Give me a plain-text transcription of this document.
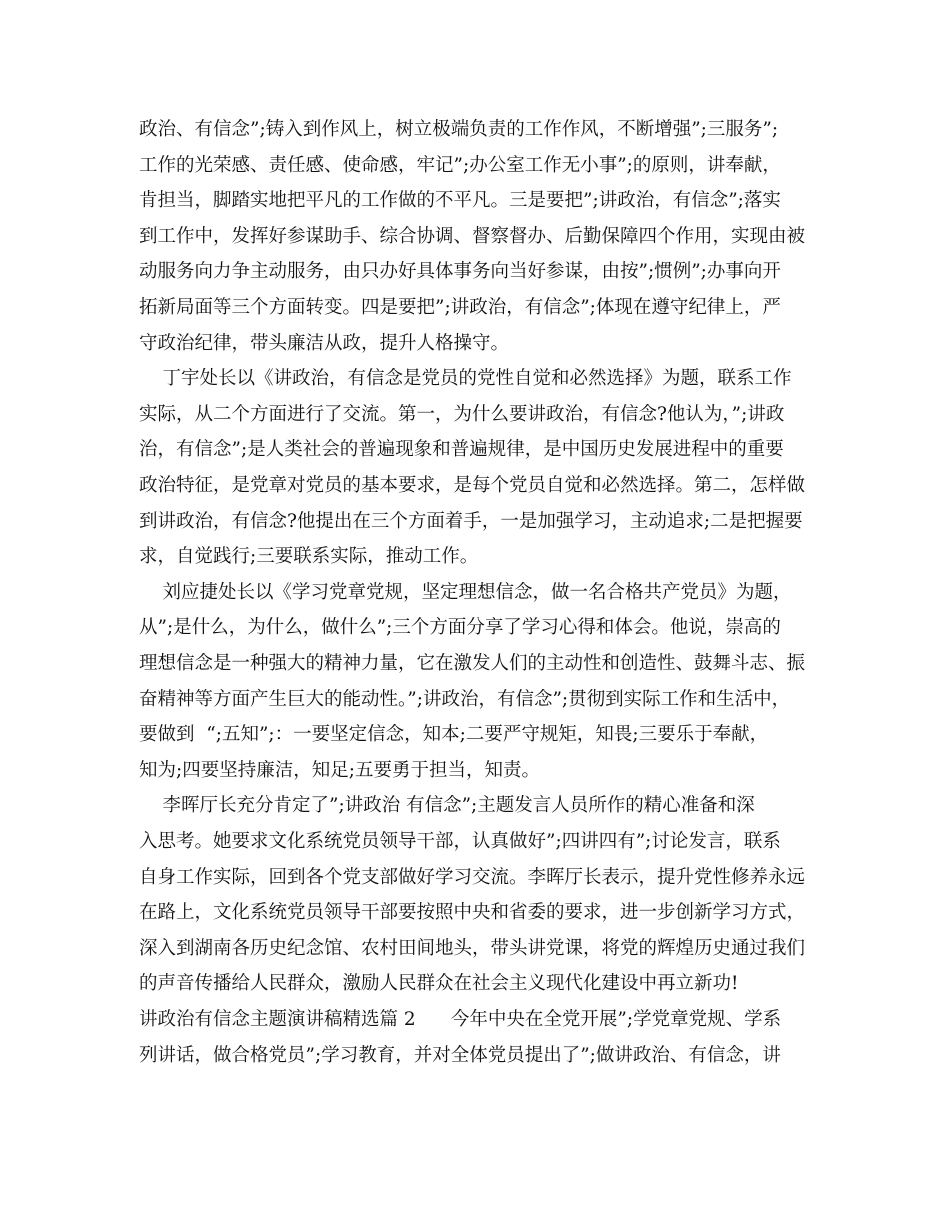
政治、有信念”;铸入到作风上，树立极端负责的工作作风，不断增强”;三服务”;
工作的光荣感、责任感、使命感，牢记”;办公室工作无小事”;的原则，讲奉献，
肯担当，脚踏实地把平凡的工作做的不平凡。三是要把”;讲政治，有信念”;落实
到工作中，发挥好参谋助手、综合协调、督察督办、后勤保障四个作用，实现由被
动服务向力争主动服务，由只办好具体事务向当好参谋，由按”;惯例”;办事向开
拓新局面等三个方面转变。四是要把”;讲政治，有信念”;体现在遵守纪律上，严
守政治纪律，带头廉洁从政，提升人格操守。
丁宇处长以《讲政治，有信念是党员的党性自觉和必然选择》为题，联系工作
实际，从二个方面进行了交流。第一，为什么要讲政治，有信念?他认为，”;讲政
治，有信念”;是人类社会的普遍现象和普遍规律，是中国历史发展进程中的重要
政治特征，是党章对党员的基本要求，是每个党员自觉和必然选择。第二，怎样做
到讲政治，有信念?他提出在三个方面着手，一是加强学习，主动追求;二是把握要
求，自觉践行;三要联系实际，推动工作。
刘应捷处长以《学习党章党规，坚定理想信念，做一名合格共产党员》为题，
从”;是什么，为什么，做什么”;三个方面分享了学习心得和体会。他说，崇高的
理想信念是一种强大的精神力量，它在激发人们的主动性和创造性、鼓舞斗志、振
奋精神等方面产生巨大的能动性。”;讲政治，有信念”;贯彻到实际工作和生活中，
要做到  “;五知”;：一要坚定信念，知本;二要严守规矩，知畏;三要乐于奉献，
知为;四要坚持廉洁，知足;五要勇于担当，知责。
李晖厅长充分肯定了”;讲政治 有信念”;主题发言人员所作的精心准备和深
入思考。她要求文化系统党员领导干部，认真做好”;四讲四有”;讨论发言，联系
自身工作实际，回到各个党支部做好学习交流。李晖厅长表示，提升党性修养永远
在路上，文化系统党员领导干部要按照中央和省委的要求，进一步创新学习方式，
深入到湖南各历史纪念馆、农村田间地头，带头讲党课，将党的辉煌历史通过我们
的声音传播给人民群众，激励人民群众在社会主义现代化建设中再立新功!
讲政治有信念主题演讲稿精选篇 2      今年中央在全党开展”;学党章党规、学系
列讲话，做合格党员”;学习教育，并对全体党员提出了”;做讲政治、有信念，讲
